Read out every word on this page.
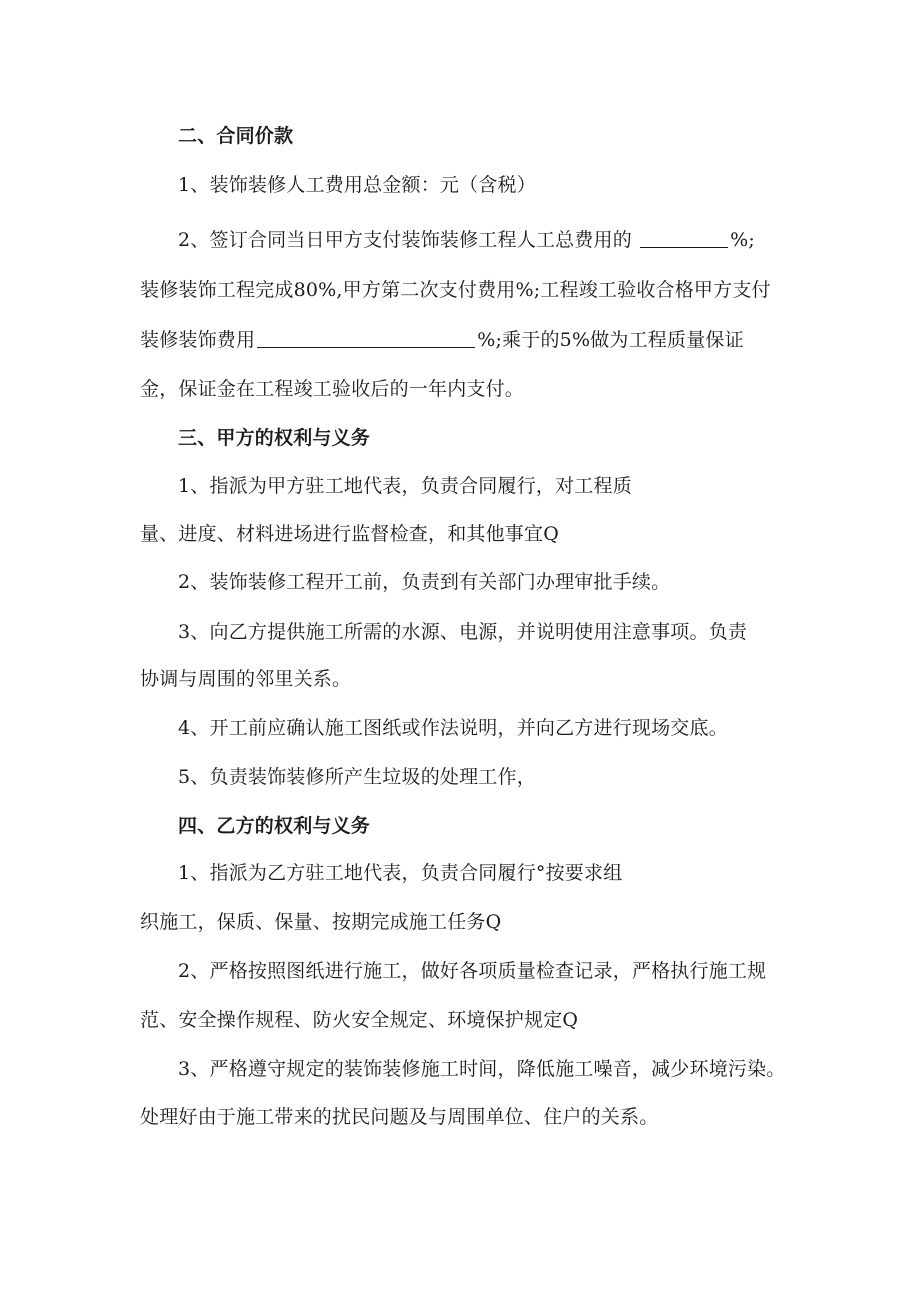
二、合同价款
1、装饰装修人工费用总金额：元（含税）
2、签订合同当日甲方支付装饰装修工程人工总费用的	%;
装修装饰工程完成80%,甲方第二次支付费用%;工程竣工验收合格甲方支付
装修装饰费用	%;乘于的5%做为工程质量保证
金，保证金在工程竣工验收后的一年内支付。
三、甲方的权利与义务
1、指派为甲方驻工地代表，负责合同履行，对工程质
量、进度、材料进场进行监督检查，和其他事宜Q
2、装饰装修工程开工前，负责到有关部门办理审批手续。
3、向乙方提供施工所需的水源、电源，并说明使用注意事项。负责
协调与周围的邻里关系。
4、开工前应确认施工图纸或作法说明，并向乙方进行现场交底。
5、负责装饰装修所产生垃圾的处理工作，
四、乙方的权利与义务
1、指派为乙方驻工地代表，负责合同履行°按要求组
织施工，保质、保量、按期完成施工任务Q
2、严格按照图纸进行施工，做好各项质量检查记录，严格执行施工规
范、安全操作规程、防火安全规定、环境保护规定Q
3、严格遵守规定的装饰装修施工时间，降低施工噪音，减少环境污染。
处理好由于施工带来的扰民问题及与周围单位、住户的关系。
